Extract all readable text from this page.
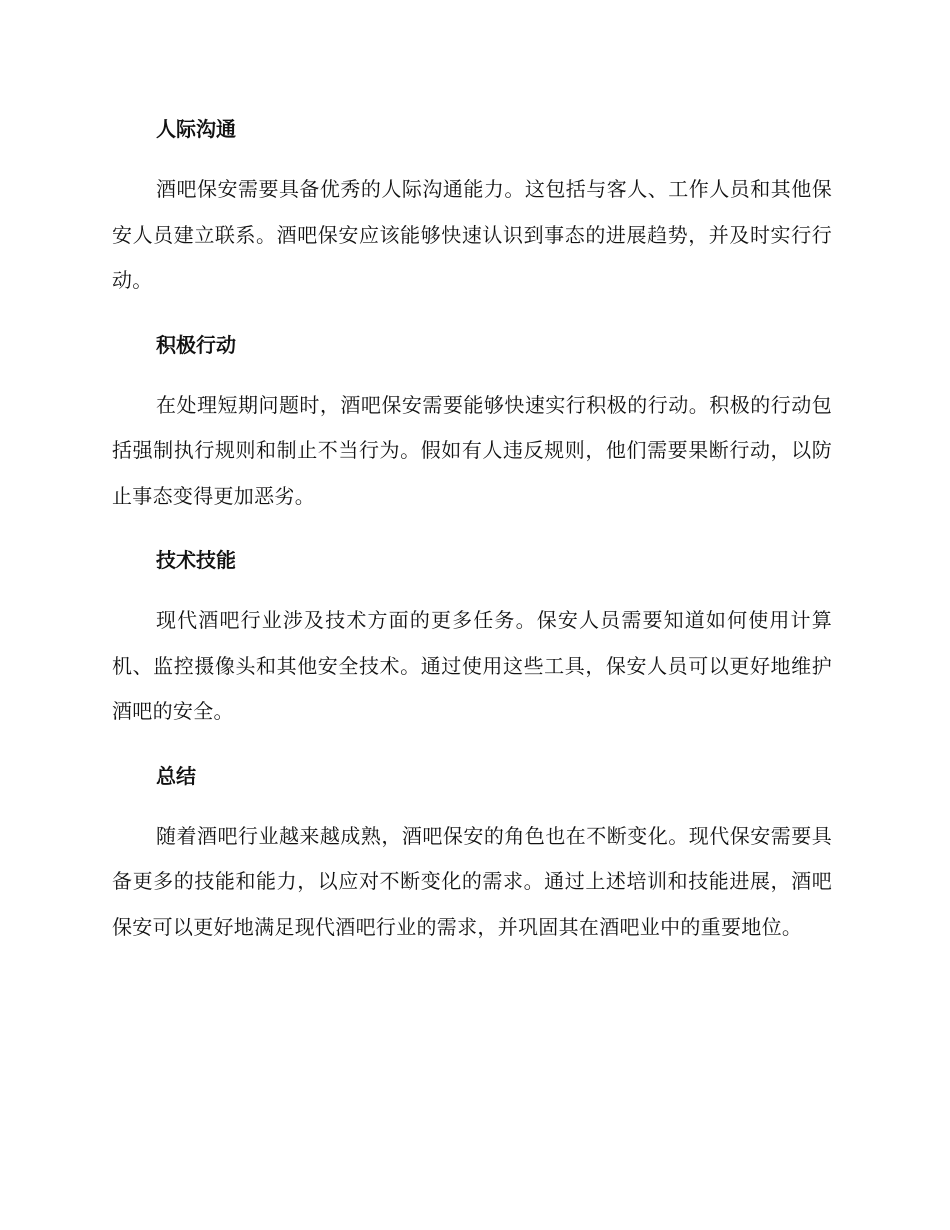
人际沟通

酒吧保安需要具备优秀的人际沟通能力。这包括与客人、工作人员和其他保安人员建立联系。酒吧保安应该能够快速认识到事态的进展趋势，并及时实行行动。

积极行动

在处理短期问题时，酒吧保安需要能够快速实行积极的行动。积极的行动包括强制执行规则和制止不当行为。假如有人违反规则，他们需要果断行动，以防止事态变得更加恶劣。

技术技能

现代酒吧行业涉及技术方面的更多任务。保安人员需要知道如何使用计算机、监控摄像头和其他安全技术。通过使用这些工具，保安人员可以更好地维护酒吧的安全。

总结

随着酒吧行业越来越成熟，酒吧保安的角色也在不断变化。现代保安需要具备更多的技能和能力，以应对不断变化的需求。通过上述培训和技能进展，酒吧保安可以更好地满足现代酒吧行业的需求，并巩固其在酒吧业中的重要地位。
